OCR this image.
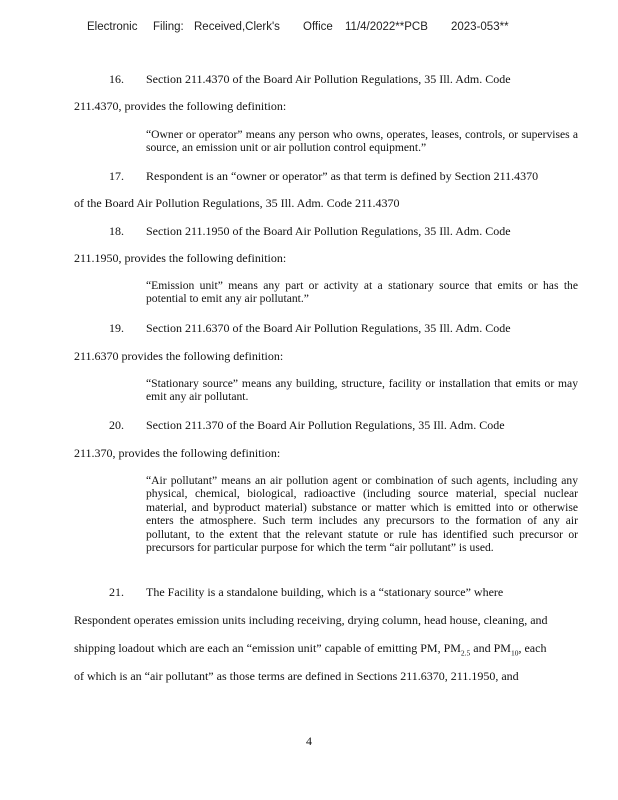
Electronic Filing: Received,Clerk's Office 11/4/2022**PCB 2023-053**
16. Section 211.4370 of the Board Air Pollution Regulations, 35 Ill. Adm. Code
211.4370, provides the following definition:
“Owner or operator” means any person who owns, operates, leases, controls, or supervises a source, an emission unit or air pollution control equipment.”
17. Respondent is an “owner or operator” as that term is defined by Section 211.4370
of the Board Air Pollution Regulations, 35 Ill. Adm. Code 211.4370
18. Section 211.1950 of the Board Air Pollution Regulations, 35 Ill. Adm. Code
211.1950, provides the following definition:
“Emission unit” means any part or activity at a stationary source that emits or has the potential to emit any air pollutant.”
19. Section 211.6370 of the Board Air Pollution Regulations, 35 Ill. Adm. Code
211.6370 provides the following definition:
“Stationary source” means any building, structure, facility or installation that emits or may emit any air pollutant.
20. Section 211.370 of the Board Air Pollution Regulations, 35 Ill. Adm. Code
211.370, provides the following definition:
“Air pollutant” means an air pollution agent or combination of such agents, including any physical, chemical, biological, radioactive (including source material, special nuclear material, and byproduct material) substance or matter which is emitted into or otherwise enters the atmosphere. Such term includes any precursors to the formation of any air pollutant, to the extent that the relevant statute or rule has identified such precursor or precursors for particular purpose for which the term “air pollutant” is used.
21. The Facility is a standalone building, which is a “stationary source” where
Respondent operates emission units including receiving, drying column, head house, cleaning, and
shipping loadout which are each an “emission unit” capable of emitting PM, $PM_{2.5}$ and $PM_{10}$, each
of which is an “air pollutant” as those terms are defined in Sections 211.6370, 211.1950, and
4
